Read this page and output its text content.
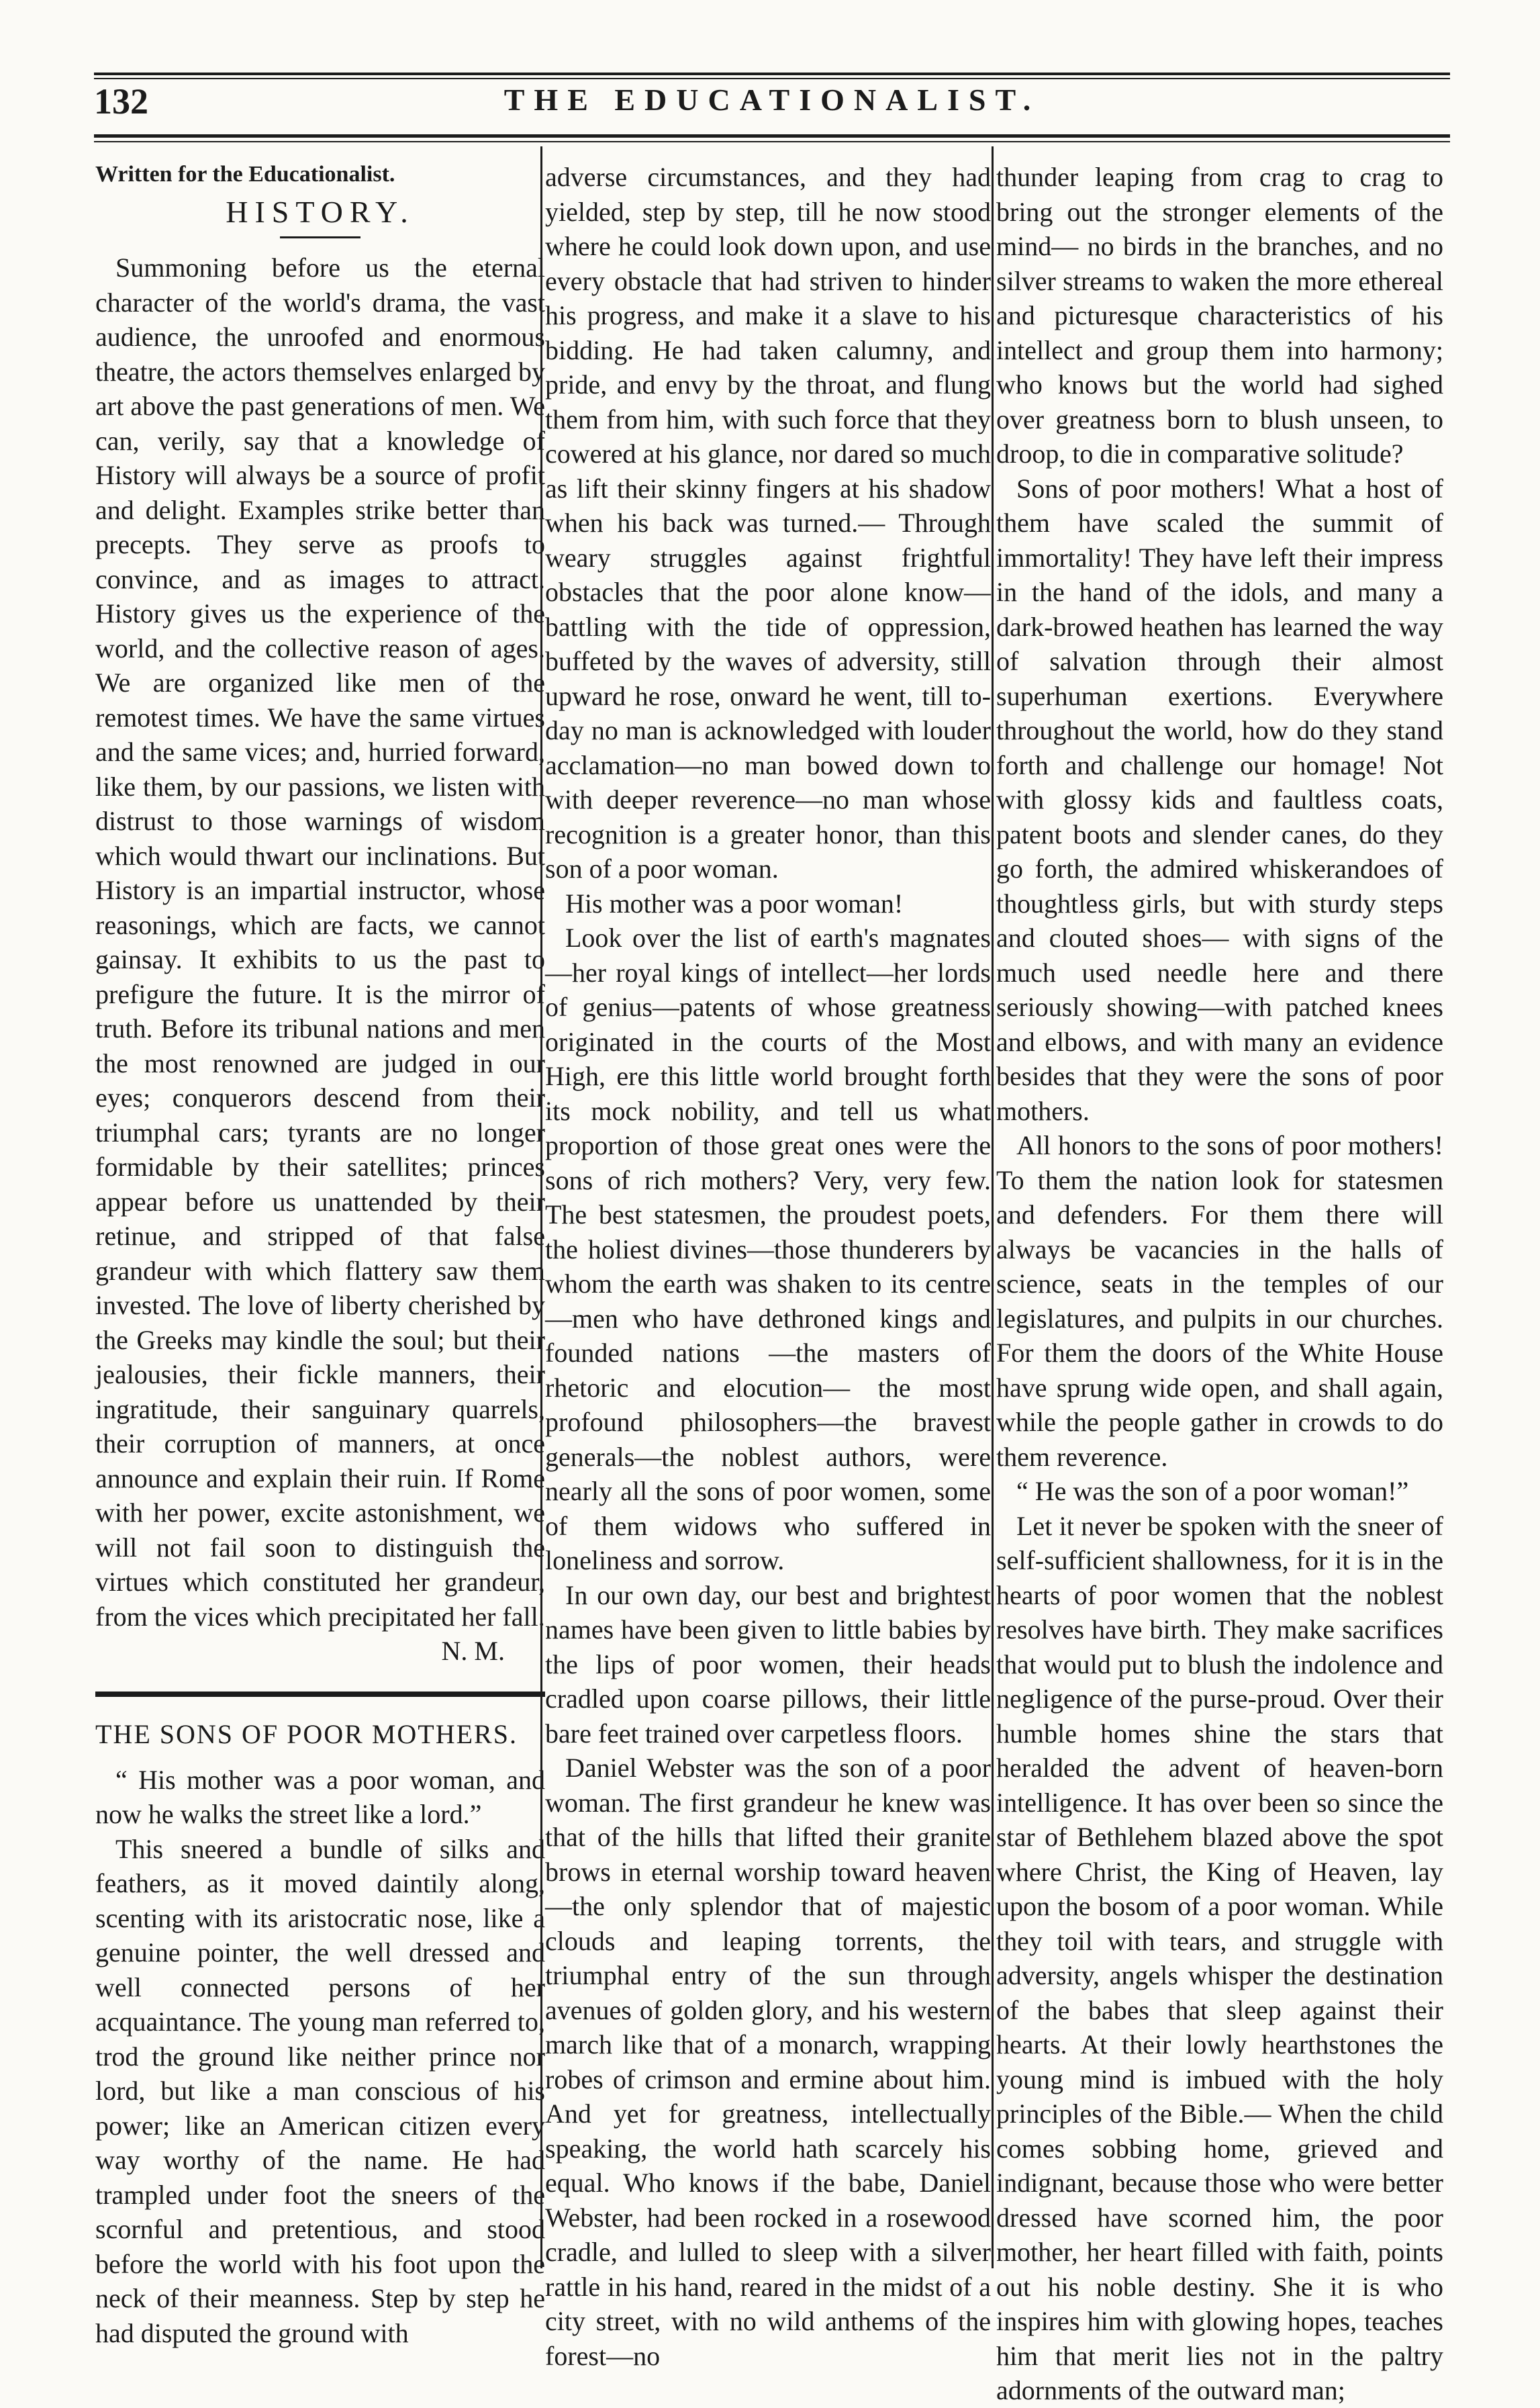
132	THE EDUCATIONALIST.
Written for the Educationalist.
HISTORY.

Summoning before us the eternal character of the world's drama, the vast audience, the unroofed and enormous theatre, the actors themselves enlarged by art above the past generations of men. We can, verily, say that a knowledge of History will always be a source of profit and delight. Examples strike better than precepts. They serve as proofs to convince, and as images to attract. History gives us the experience of the world, and the collective reason of ages. We are organized like men of the remotest times. We have the same virtues and the same vices; and, hurried forward, like them, by our passions, we listen with distrust to those warnings of wisdom which would thwart our inclinations. But History is an impartial instructor, whose reasonings, which are facts, we cannot gainsay. It exhibits to us the past to prefigure the future. It is the mirror of truth. Before its tribunal nations and men the most renowned are judged in our eyes; conquerors descend from their triumphal cars; tyrants are no longer formidable by their satellites; princes appear before us unattended by their retinue, and stripped of that false grandeur with which flattery saw them invested. The love of liberty cherished by the Greeks may kindle the soul; but their jealousies, their fickle manners, their ingratitude, their sanguinary quarrels, their corruption of manners, at once announce and explain their ruin. If Rome with her power, excite astonishment, we will not fail soon to distinguish the virtues which constituted her grandeur, from the vices which precipitated her fall.

N. M.

THE SONS OF POOR MOTHERS.

“ His mother was a poor woman, and now he walks the street like a lord.”

This sneered a bundle of silks and feathers, as it moved daintily along, scenting with its aristocratic nose, like a genuine pointer, the well dressed and well connected persons of her acquaintance. The young man referred to, trod the ground like neither prince nor lord, but like a man conscious of his power; like an American citizen every way worthy of the name. He had trampled under foot the sneers of the scornful and pretentious, and stood before the world with his foot upon the neck of their meanness. Step by step he had disputed the ground with

adverse circumstances, and they had yielded, step by step, till he now stood where he could look down upon, and use every obstacle that had striven to hinder his progress, and make it a slave to his bidding. He had taken calumny, and pride, and envy by the throat, and flung them from him, with such force that they cowered at his glance, nor dared so much as lift their skinny fingers at his shadow when his back was turned.— Through weary struggles against frightful obstacles that the poor alone know— battling with the tide of oppression, buffeted by the waves of adversity, still upward he rose, onward he went, till to-day no man is acknowledged with louder acclamation—no man bowed down to with deeper reverence—no man whose recognition is a greater honor, than this son of a poor woman.

His mother was a poor woman!

Look over the list of earth's magnates —her royal kings of intellect—her lords of genius—patents of whose greatness originated in the courts of the Most High, ere this little world brought forth its mock nobility, and tell us what proportion of those great ones were the sons of rich mothers? Very, very few. The best statesmen, the proudest poets, the holiest divines—those thunderers by whom the earth was shaken to its centre—men who have dethroned kings and founded nations —the masters of rhetoric and elocution— the most profound philosophers—the bravest generals—the noblest authors, were nearly all the sons of poor women, some of them widows who suffered in loneliness and sorrow.

In our own day, our best and brightest names have been given to little babies by the lips of poor women, their heads cradled upon coarse pillows, their little bare feet trained over carpetless floors.

Daniel Webster was the son of a poor woman. The first grandeur he knew was that of the hills that lifted their granite brows in eternal worship toward heaven—the only splendor that of majestic clouds and leaping torrents, the triumphal entry of the sun through avenues of golden glory, and his western march like that of a monarch, wrapping robes of crimson and ermine about him. And yet for greatness, intellectually speaking, the world hath scarcely his equal. Who knows if the babe, Daniel Webster, had been rocked in a rosewood cradle, and lulled to sleep with a silver rattle in his hand, reared in the midst of a city street, with no wild anthems of the forest—no

thunder leaping from crag to crag to bring out the stronger elements of the mind— no birds in the branches, and no silver streams to waken the more ethereal and picturesque characteristics of his intellect and group them into harmony; who knows but the world had sighed over greatness born to blush unseen, to droop, to die in comparative solitude?

Sons of poor mothers! What a host of them have scaled the summit of immortality! They have left their impress in the hand of the idols, and many a dark-browed heathen has learned the way of salvation through their almost superhuman exertions. Everywhere throughout the world, how do they stand forth and challenge our homage! Not with glossy kids and faultless coats, patent boots and slender canes, do they go forth, the admired whiskerandoes of thoughtless girls, but with sturdy steps and clouted shoes— with signs of the much used needle here and there seriously showing—with patched knees and elbows, and with many an evidence besides that they were the sons of poor mothers.

All honors to the sons of poor mothers! To them the nation look for statesmen and defenders. For them there will always be vacancies in the halls of science, seats in the temples of our legislatures, and pulpits in our churches. For them the doors of the White House have sprung wide open, and shall again, while the people gather in crowds to do them reverence.

“ He was the son of a poor woman!”

Let it never be spoken with the sneer of self-sufficient shallowness, for it is in the hearts of poor women that the noblest resolves have birth. They make sacrifices that would put to blush the indolence and negligence of the purse-proud. Over their humble homes shine the stars that heralded the advent of heaven-born intelligence. It has over been so since the star of Bethlehem blazed above the spot where Christ, the King of Heaven, lay upon the bosom of a poor woman. While they toil with tears, and struggle with adversity, angels whisper the destination of the babes that sleep against their hearts. At their lowly hearthstones the young mind is imbued with the holy principles of the Bible.— When the child comes sobbing home, grieved and indignant, because those who were better dressed have scorned him, the poor mother, her heart filled with faith, points out his noble destiny. She it is who inspires him with glowing hopes, teaches him that merit lies not in the paltry adornments of the outward man;
